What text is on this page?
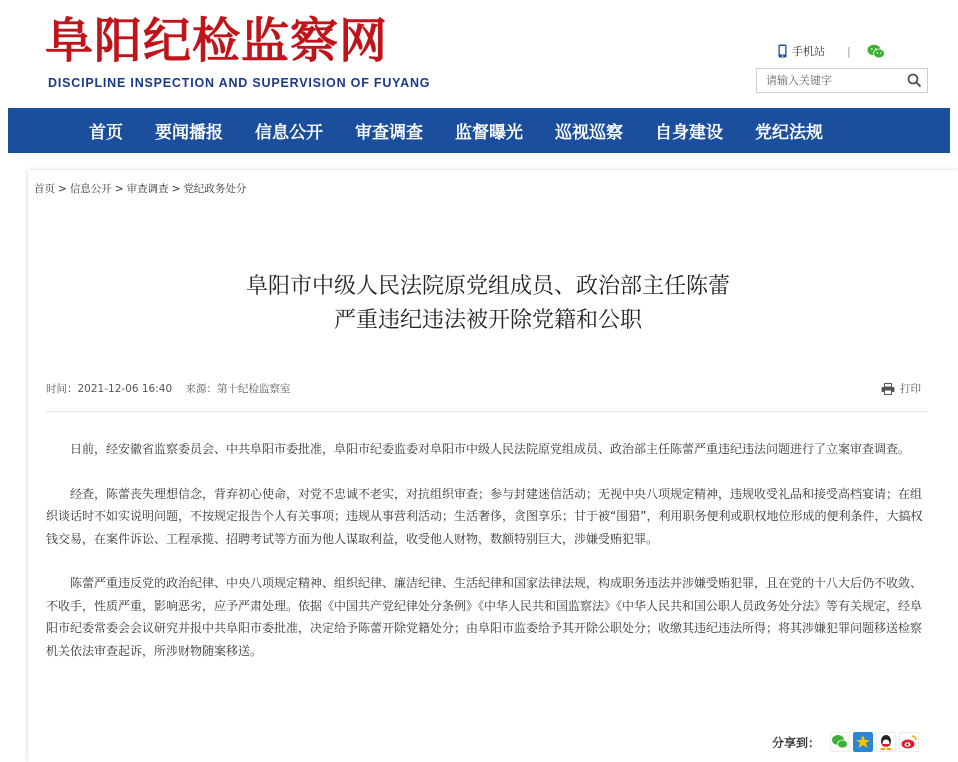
阜阳纪检监察网
DISCIPLINE INSPECTION AND SUPERVISION OF FUYANG
手机站 |
请输入关键字
首页 要闻播报 信息公开 审查调查 监督曝光 巡视巡察 自身建设 党纪法规
首页 > 信息公开 > 审查调查 > 党纪政务处分
阜阳市中级人民法院原党组成员、政治部主任陈蕾
严重违纪违法被开除党籍和公职
时间：2021-12-06 16:40 来源：第十纪检监察室	打印

日前，经安徽省监察委员会、中共阜阳市委批准，阜阳市纪委监委对阜阳市中级人民法院原党组成员、政治部主任陈蕾严重违纪违法问题进行了立案审查调查。

经查，陈蕾丧失理想信念，背弃初心使命，对党不忠诚不老实，对抗组织审查；参与封建迷信活动；无视中央八项规定精神，违规收受礼品和接受高档宴请；在组织谈话时不如实说明问题，不按规定报告个人有关事项；违规从事营利活动；生活奢侈，贪图享乐；甘于被“围猎”，利用职务便利或职权地位形成的便利条件，大搞权钱交易，在案件诉讼、工程承揽、招聘考试等方面为他人谋取利益，收受他人财物，数额特别巨大，涉嫌受贿犯罪。

陈蕾严重违反党的政治纪律、中央八项规定精神、组织纪律、廉洁纪律、生活纪律和国家法律法规，构成职务违法并涉嫌受贿犯罪，且在党的十八大后仍不收敛、不收手，性质严重，影响恶劣，应予严肃处理。依据《中国共产党纪律处分条例》《中华人民共和国监察法》《中华人民共和国公职人员政务处分法》等有关规定，经阜阳市纪委常委会会议研究并报中共阜阳市委批准，决定给予陈蕾开除党籍处分；由阜阳市监委给予其开除公职处分；收缴其违纪违法所得；将其涉嫌犯罪问题移送检察机关依法审查起诉，所涉财物随案移送。

分享到：
